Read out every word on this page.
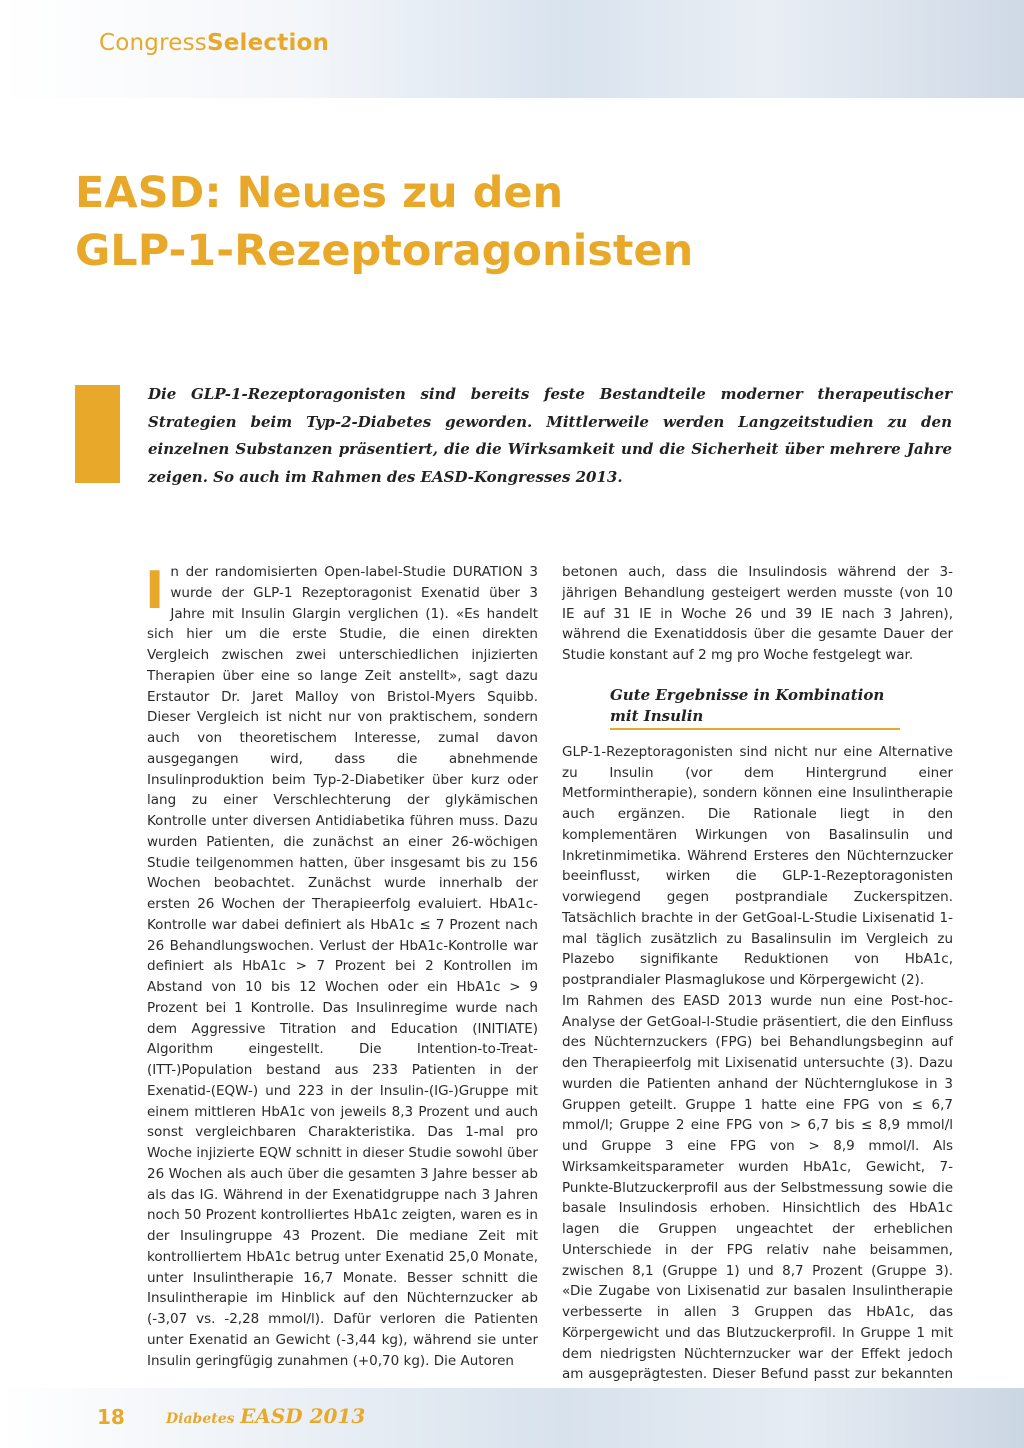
CongressSelection
EASD: Neues zu den
GLP-1-Rezeptoragonisten

Die GLP-1-Rezeptoragonisten sind bereits feste Bestandteile moderner therapeutischer Strategien beim Typ-2-Diabetes geworden. Mittlerweile werden Langzeitstudien zu den einzelnen Substanzen präsentiert, die die Wirksamkeit und die Sicherheit über mehrere Jahre zeigen. So auch im Rahmen des EASD-Kongresses 2013.

In der randomisierten Open-label-Studie DURATION 3 wurde der GLP-1 Rezeptoragonist Exenatid über 3 Jahre mit Insulin Glargin verglichen (1). «Es handelt sich hier um die erste Studie, die einen direkten Vergleich zwischen zwei unterschiedlichen injizierten Therapien über eine so lange Zeit anstellt», sagt dazu Erstautor Dr. Jaret Malloy von Bristol-Myers Squibb. Dieser Vergleich ist nicht nur von praktischem, sondern auch von theoretischem Interesse, zumal davon ausgegangen wird, dass die abnehmende Insulinproduktion beim Typ-2-Diabetiker über kurz oder lang zu einer Verschlechterung der glykämischen Kontrolle unter diversen Antidiabetika führen muss. Dazu wurden Patienten, die zunächst an einer 26-wöchigen Studie teilgenommen hatten, über insgesamt bis zu 156 Wochen beobachtet. Zunächst wurde innerhalb der ersten 26 Wochen der Therapieerfolg evaluiert. HbA1c-Kontrolle war dabei definiert als HbA1c ≤ 7 Prozent nach 26 Behandlungswochen. Verlust der HbA1c-Kontrolle war definiert als HbA1c > 7 Prozent bei 2 Kontrollen im Abstand von 10 bis 12 Wochen oder ein HbA1c > 9 Prozent bei 1 Kontrolle. Das Insulinregime wurde nach dem Aggressive Titration and Education (INITIATE) Algorithm eingestellt. Die Intention-to-Treat-(ITT-)Population bestand aus 233 Patienten in der Exenatid-(EQW-) und 223 in der Insulin-(IG-)Gruppe mit einem mittleren HbA1c von jeweils 8,3 Prozent und auch sonst vergleichbaren Charakteristika. Das 1-mal pro Woche injizierte EQW schnitt in dieser Studie sowohl über 26 Wochen als auch über die gesamten 3 Jahre besser ab als das IG. Während in der Exenatidgruppe nach 3 Jahren noch 50 Prozent kontrolliertes HbA1c zeigten, waren es in der Insulingruppe 43 Prozent. Die mediane Zeit mit kontrolliertem HbA1c betrug unter Exenatid 25,0 Monate, unter Insulintherapie 16,7 Monate. Besser schnitt die Insulintherapie im Hinblick auf den Nüchternzucker ab (-3,07 vs. -2,28 mmol/l). Dafür verloren die Patienten unter Exenatid an Gewicht (-3,44 kg), während sie unter Insulin geringfügig zunahmen (+0,70 kg). Die Autoren

betonen auch, dass die Insulindosis während der 3-jährigen Behandlung gesteigert werden musste (von 10 IE auf 31 IE in Woche 26 und 39 IE nach 3 Jahren), während die Exenatiddosis über die gesamte Dauer der Studie konstant auf 2 mg pro Woche festgelegt war.

Gute Ergebnisse in Kombination mit Insulin

GLP-1-Rezeptoragonisten sind nicht nur eine Alternative zu Insulin (vor dem Hintergrund einer Metformintherapie), sondern können eine Insulintherapie auch ergänzen. Die Rationale liegt in den komplementären Wirkungen von Basalinsulin und Inkretinmimetika. Während Ersteres den Nüchternzucker beeinflusst, wirken die GLP-1-Rezeptoragonisten vorwiegend gegen postprandiale Zuckerspitzen. Tatsächlich brachte in der GetGoal-L-Studie Lixisenatid 1-mal täglich zusätzlich zu Basalinsulin im Vergleich zu Plazebo signifikante Reduktionen von HbA1c, postprandialer Plasmaglukose und Körpergewicht (2).

Im Rahmen des EASD 2013 wurde nun eine Post-hoc-Analyse der GetGoal-l-Studie präsentiert, die den Einfluss des Nüchternzuckers (FPG) bei Behandlungsbeginn auf den Therapieerfolg mit Lixisenatid untersuchte (3). Dazu wurden die Patienten anhand der Nüchternglukose in 3 Gruppen geteilt. Gruppe 1 hatte eine FPG von ≤ 6,7 mmol/l; Gruppe 2 eine FPG von > 6,7 bis ≤ 8,9 mmol/l und Gruppe 3 eine FPG von > 8,9 mmol/l. Als Wirksamkeitsparameter wurden HbA1c, Gewicht, 7-Punkte-Blutzuckerprofil aus der Selbstmessung sowie die basale Insulindosis erhoben. Hinsichtlich des HbA1c lagen die Gruppen ungeachtet der erheblichen Unterschiede in der FPG relativ nahe beisammen, zwischen 8,1 (Gruppe 1) und 8,7 Prozent (Gruppe 3). «Die Zugabe von Lixisenatid zur basalen Insulintherapie verbesserte in allen 3 Gruppen das HbA1c, das Körpergewicht und das Blutzuckerprofil. In Gruppe 1 mit dem niedrigsten Nüchternzucker war der Effekt jedoch am ausgeprägtesten. Dieser Befund passt zur bekannten

18	Diabetes EASD 2013
